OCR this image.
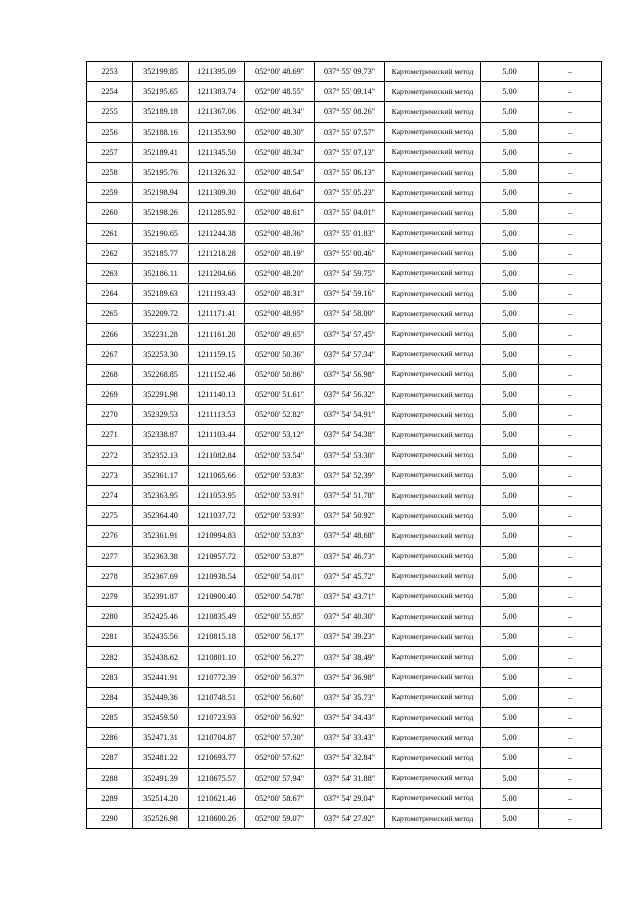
2253	352199.85	1211395.09	052°00' 48.69"	037° 55' 09.73"	Картометрический метод	5.00	–
2254	352195.65	1211383.74	052°00' 48.55"	037° 55' 09.14"	Картометрический метод	5.00	–
2255	352189.18	1211367.06	052°00' 48.34"	037° 55' 08.26"	Картометрический метод	5.00	–
2256	352188.16	1211353.90	052°00' 48.30"	037° 55' 07.57"	Картометрический метод	5.00	–
2257	352189.41	1211345.50	052°00' 48.34"	037° 55' 07.13"	Картометрический метод	5.00	–
2258	352195.76	1211326.32	052°00' 48.54"	037° 55' 06.13"	Картометрический метод	5.00	–
2259	352198.94	1211309.30	052°00' 48.64"	037° 55' 05.23"	Картометрический метод	5.00	–
2260	352198.26	1211285.92	052°00' 48.61"	037° 55' 04.01"	Картометрический метод	5.00	–
2261	352190.65	1211244.38	052°00' 48.36"	037° 55' 01.83"	Картометрический метод	5.00	–
2262	352185.77	1211218.28	052°00' 48.19"	037° 55' 00.46"	Картометрический метод	5.00	–
2263	352186.11	1211204.66	052°00' 48.20"	037° 54' 59.75"	Картометрический метод	5.00	–
2264	352189.63	1211193.43	052°00' 48.31"	037° 54' 59.16"	Картометрический метод	5.00	–
2265	352209.72	1211171.41	052°00' 48.95"	037° 54' 58.00"	Картометрический метод	5.00	–
2266	352231.28	1211161.20	052°00' 49.65"	037° 54' 57.45"	Картометрический метод	5.00	–
2267	352253.30	1211159.15	052°00' 50.36"	037° 54' 57.34"	Картометрический метод	5.00	–
2268	352268.85	1211152.46	052°00' 50.86"	037° 54' 56.98"	Картометрический метод	5.00	–
2269	352291.98	1211140.13	052°00' 51.61"	037° 54' 56.32"	Картометрический метод	5.00	–
2270	352329.53	1211113.53	052°00' 52.82"	037° 54' 54.91"	Картометрический метод	5.00	–
2271	352338.87	1211103.44	052°00' 53.12"	037° 54' 54.38"	Картометрический метод	5.00	–
2272	352352.13	1211082.84	052°00' 53.54"	037° 54' 53.30"	Картометрический метод	5.00	–
2273	352361.17	1211065.66	052°00' 53.83"	037° 54' 52.39"	Картометрический метод	5.00	–
2274	352363.95	1211053.95	052°00' 53.91"	037° 54' 51.78"	Картометрический метод	5.00	–
2275	352364.40	1211037.72	052°00' 53.93"	037° 54' 50.92"	Картометрический метод	5.00	–
2276	352361.91	1210994.83	052°00' 53.83"	037° 54' 48.68"	Картометрический метод	5.00	–
2277	352363.38	1210957.72	052°00' 53.87"	037° 54' 46.73"	Картометрический метод	5.00	–
2278	352367.69	1210938.54	052°00' 54.01"	037° 54' 45.72"	Картометрический метод	5.00	–
2279	352391.87	1210900.40	052°00' 54.78"	037° 54' 43.71"	Картометрический метод	5.00	–
2280	352425.46	1210835.49	052°00' 55.85"	037° 54' 40.30"	Картометрический метод	5.00	–
2281	352435.56	1210815.18	052°00' 56.17"	037° 54' 39.23"	Картометрический метод	5.00	–
2282	352438.62	1210801.10	052°00' 56.27"	037° 54' 38.49"	Картометрический метод	5.00	–
2283	352441.91	1210772.39	052°00' 56.37"	037° 54' 36.98"	Картометрический метод	5.00	–
2284	352449.36	1210748.51	052°00' 56.60"	037° 54' 35.73"	Картометрический метод	5.00	–
2285	352459.50	1210723.93	052°00' 56.92"	037° 54' 34.43"	Картометрический метод	5.00	–
2286	352471.31	1210704.87	052°00' 57.30"	037° 54' 33.43"	Картометрический метод	5.00	–
2287	352481.22	1210693.77	052°00' 57.62"	037° 54' 32.84"	Картометрический метод	5.00	–
2288	352491.39	1210675.57	052°00' 57.94"	037° 54' 31.88"	Картометрический метод	5.00	–
2289	352514.20	1210621.46	052°00' 58.67"	037° 54' 29.04"	Картометрический метод	5.00	–
2290	352526.98	1210600.26	052°00' 59.07"	037° 54' 27.92"	Картометрический метод	5.00	–
